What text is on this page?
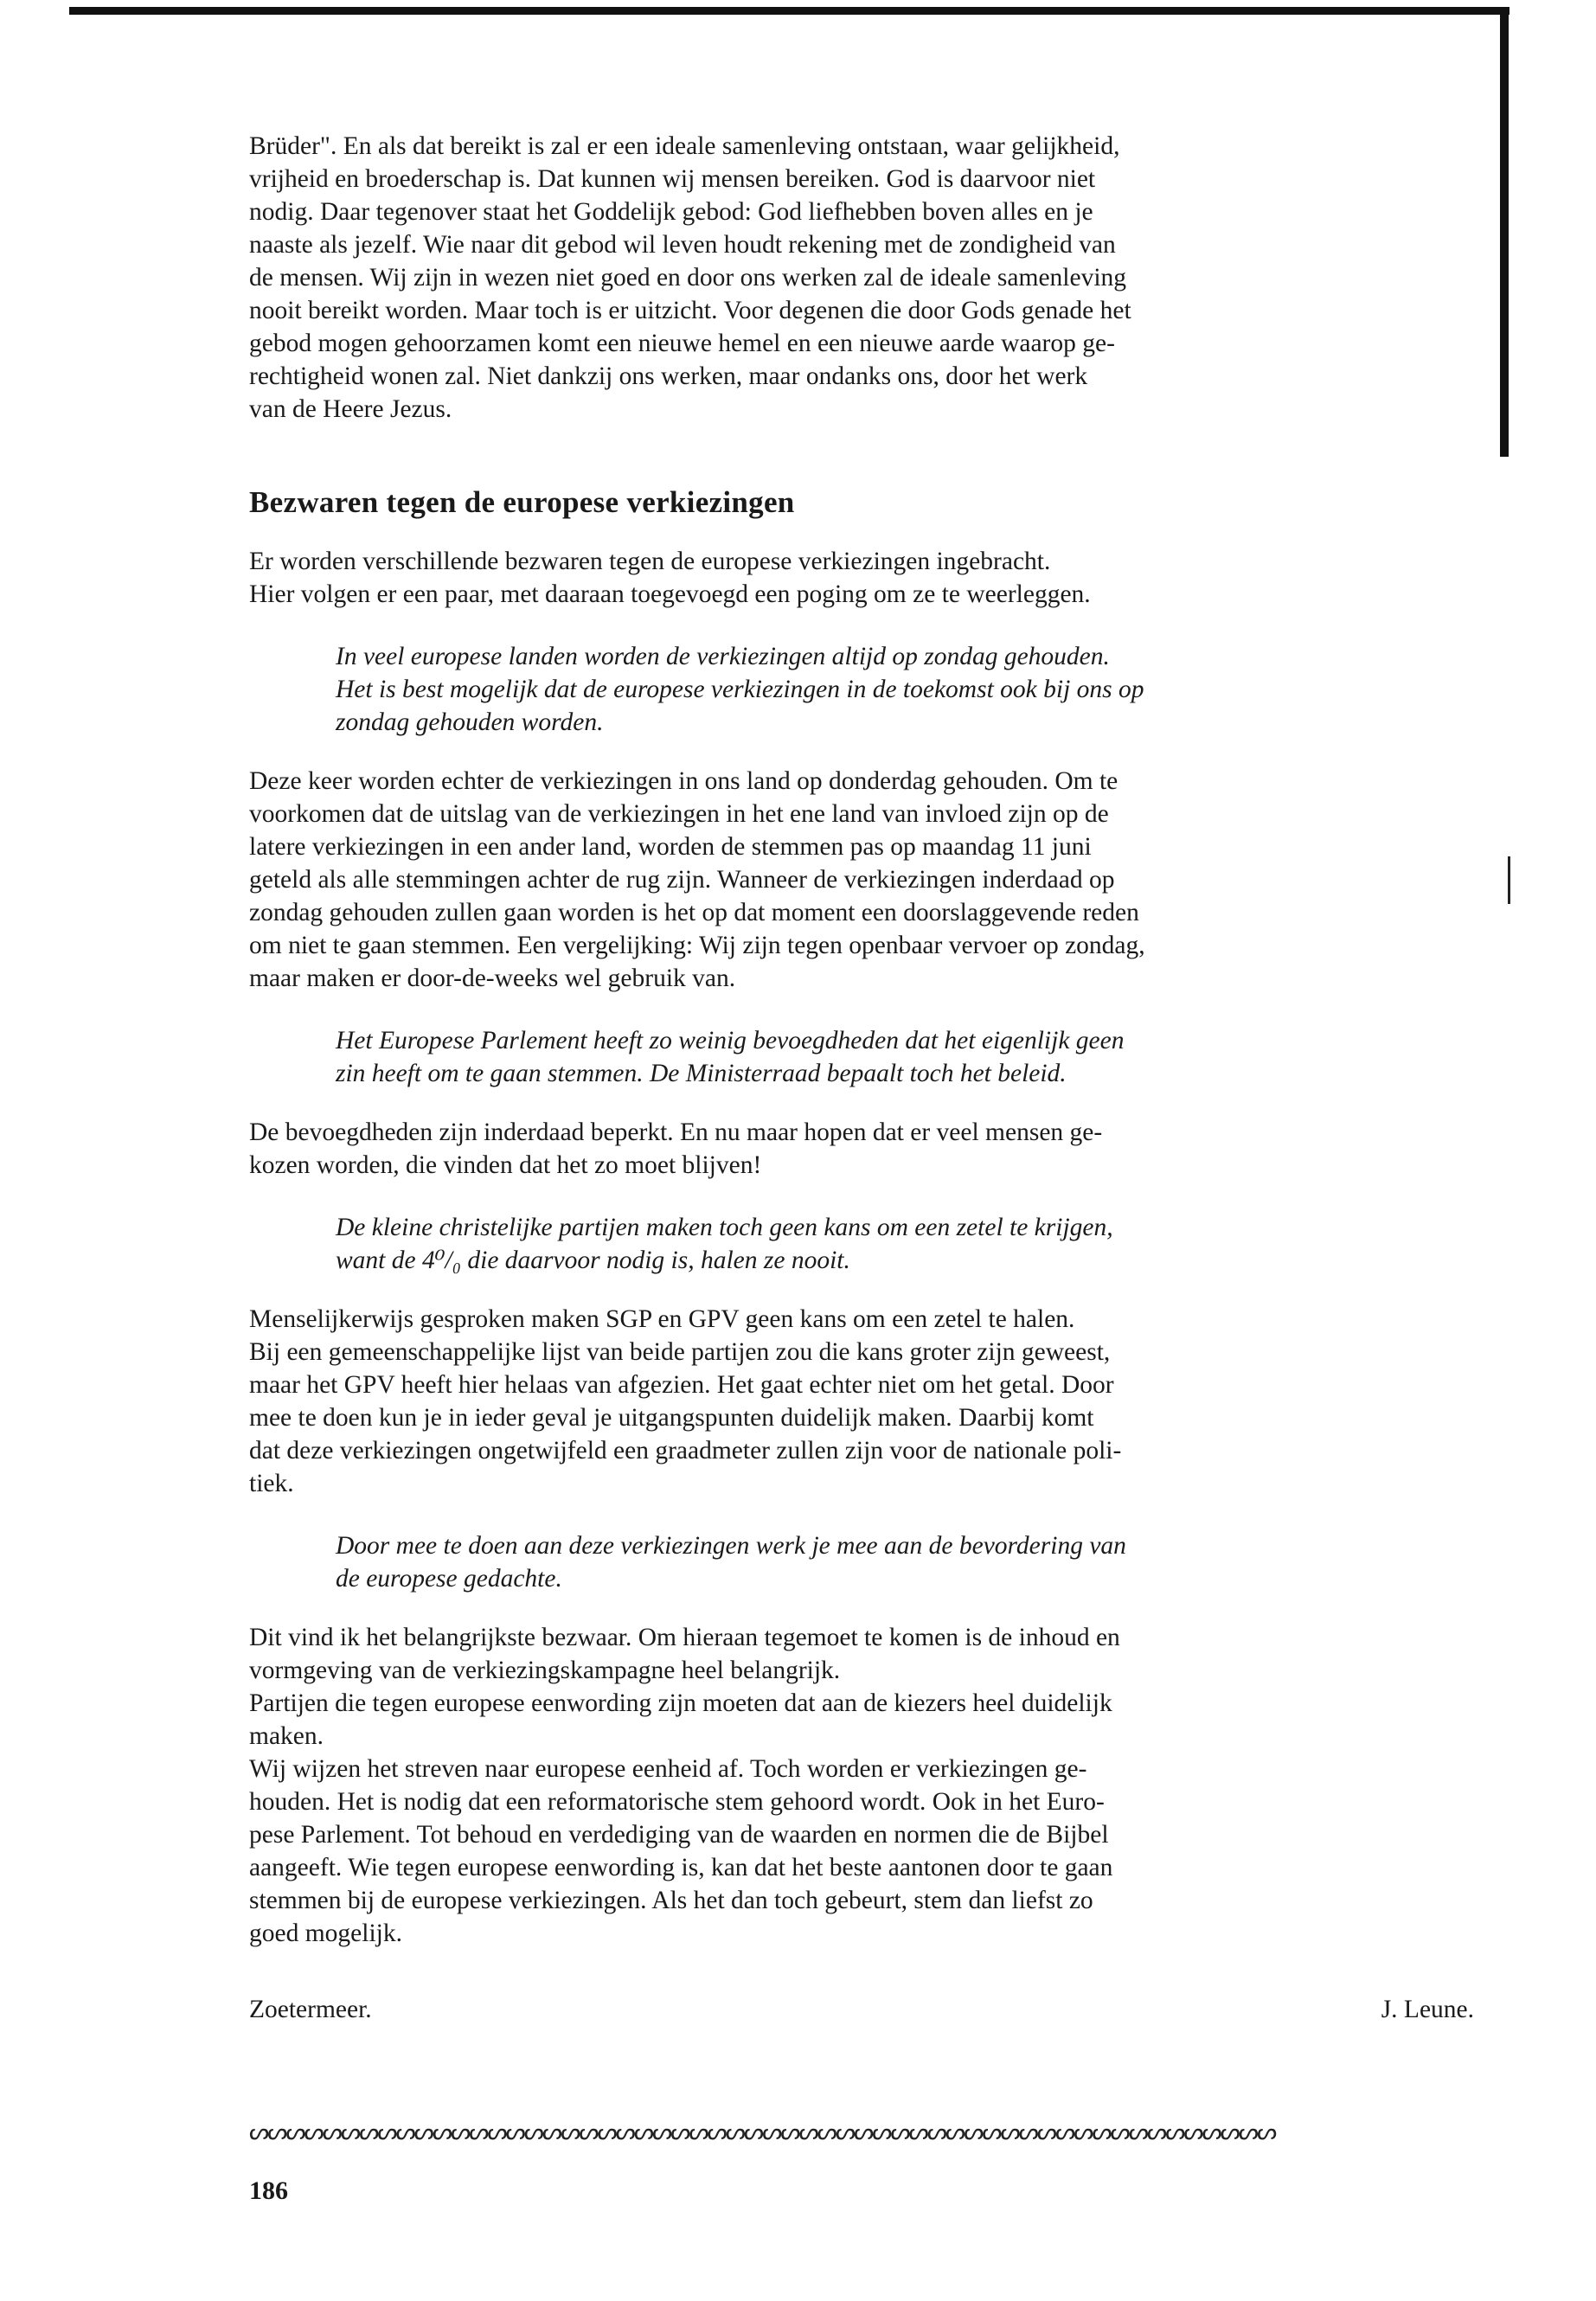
Brüder". En als dat bereikt is zal er een ideale samenleving ontstaan, waar gelijkheid,
vrijheid en broederschap is. Dat kunnen wij mensen bereiken. God is daarvoor niet
nodig. Daar tegenover staat het Goddelijk gebod: God liefhebben boven alles en je
naaste als jezelf. Wie naar dit gebod wil leven houdt rekening met de zondigheid van
de mensen. Wij zijn in wezen niet goed en door ons werken zal de ideale samenleving
nooit bereikt worden. Maar toch is er uitzicht. Voor degenen die door Gods genade het
gebod mogen gehoorzamen komt een nieuwe hemel en een nieuwe aarde waarop ge-
rechtigheid wonen zal. Niet dankzij ons werken, maar ondanks ons, door het werk
van de Heere Jezus.

Bezwaren tegen de europese verkiezingen

Er worden verschillende bezwaren tegen de europese verkiezingen ingebracht.
Hier volgen er een paar, met daaraan toegevoegd een poging om ze te weerleggen.

In veel europese landen worden de verkiezingen altijd op zondag gehouden.
Het is best mogelijk dat de europese verkiezingen in de toekomst ook bij ons op
zondag gehouden worden.

Deze keer worden echter de verkiezingen in ons land op donderdag gehouden. Om te
voorkomen dat de uitslag van de verkiezingen in het ene land van invloed zijn op de
latere verkiezingen in een ander land, worden de stemmen pas op maandag 11 juni
geteld als alle stemmingen achter de rug zijn. Wanneer de verkiezingen inderdaad op
zondag gehouden zullen gaan worden is het op dat moment een doorslaggevende reden
om niet te gaan stemmen. Een vergelijking: Wij zijn tegen openbaar vervoer op zondag,
maar maken er door-de-weeks wel gebruik van.

Het Europese Parlement heeft zo weinig bevoegdheden dat het eigenlijk geen
zin heeft om te gaan stemmen. De Ministerraad bepaalt toch het beleid.

De bevoegdheden zijn inderdaad beperkt. En nu maar hopen dat er veel mensen ge-
kozen worden, die vinden dat het zo moet blijven!

De kleine christelijke partijen maken toch geen kans om een zetel te krijgen,
want de 4⁰/₀ die daarvoor nodig is, halen ze nooit.

Menselijkerwijs gesproken maken SGP en GPV geen kans om een zetel te halen.
Bij een gemeenschappelijke lijst van beide partijen zou die kans groter zijn geweest,
maar het GPV heeft hier helaas van afgezien. Het gaat echter niet om het getal. Door
mee te doen kun je in ieder geval je uitgangspunten duidelijk maken. Daarbij komt
dat deze verkiezingen ongetwijfeld een graadmeter zullen zijn voor de nationale poli-
tiek.

Door mee te doen aan deze verkiezingen werk je mee aan de bevordering van
de europese gedachte.

Dit vind ik het belangrijkste bezwaar. Om hieraan tegemoet te komen is de inhoud en
vormgeving van de verkiezingskampagne heel belangrijk.
Partijen die tegen europese eenwording zijn moeten dat aan de kiezers heel duidelijk
maken.
Wij wijzen het streven naar europese eenheid af. Toch worden er verkiezingen ge-
houden. Het is nodig dat een reformatorische stem gehoord wordt. Ook in het Euro-
pese Parlement. Tot behoud en verdediging van de waarden en normen die de Bijbel
aangeeft. Wie tegen europese eenwording is, kan dat het beste aantonen door te gaan
stemmen bij de europese verkiezingen. Als het dan toch gebeurt, stem dan liefst zo
goed mogelijk.

Zoetermeer.	J. Leune.
ᔕᔕᔕᔕᔕᔕᔕᔕᔕᔕᔕᔕᔕᔕᔕᔕᔕᔕᔕᔕᔕᔕᔕᔕᔕᔕᔕᔕᔕᔕᔕᔕᔕᔕᔕᔕᔕᔕᔕᔕᔕᔕᔕᔕᔕᔕᔕᔕᔕᔕᔕᔕᔕᔕᔕᔕ
186
